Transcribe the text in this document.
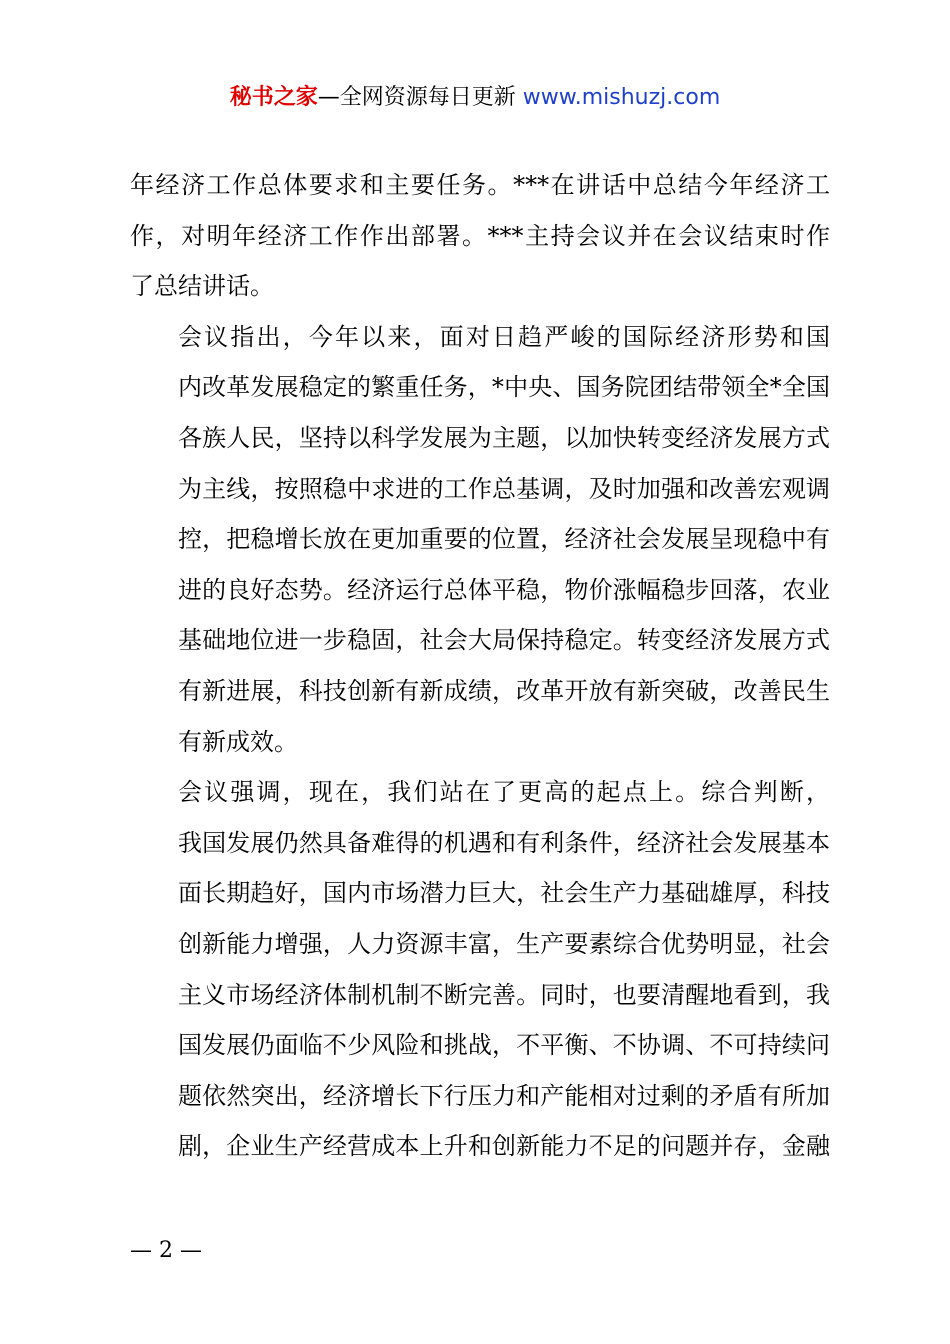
秘书之家—全网资源每日更新 www.mishuzj.com
年经济工作总体要求和主要任务。***在讲话中总结今年经济工
作，对明年经济工作作出部署。***主持会议并在会议结束时作
了总结讲话。
会议指出，今年以来，面对日趋严峻的国际经济形势和国
内改革发展稳定的繁重任务，*中央、国务院团结带领全*全国
各族人民，坚持以科学发展为主题，以加快转变经济发展方式
为主线，按照稳中求进的工作总基调，及时加强和改善宏观调
控，把稳增长放在更加重要的位置，经济社会发展呈现稳中有
进的良好态势。经济运行总体平稳，物价涨幅稳步回落，农业
基础地位进一步稳固，社会大局保持稳定。转变经济发展方式
有新进展，科技创新有新成绩，改革开放有新突破，改善民生
有新成效。
会议强调，现在，我们站在了更高的起点上。综合判断，
我国发展仍然具备难得的机遇和有利条件，经济社会发展基本
面长期趋好，国内市场潜力巨大，社会生产力基础雄厚，科技
创新能力增强，人力资源丰富，生产要素综合优势明显，社会
主义市场经济体制机制不断完善。同时，也要清醒地看到，我
国发展仍面临不少风险和挑战，不平衡、不协调、不可持续问
题依然突出，经济增长下行压力和产能相对过剩的矛盾有所加
剧，企业生产经营成本上升和创新能力不足的问题并存，金融
— 2 —
